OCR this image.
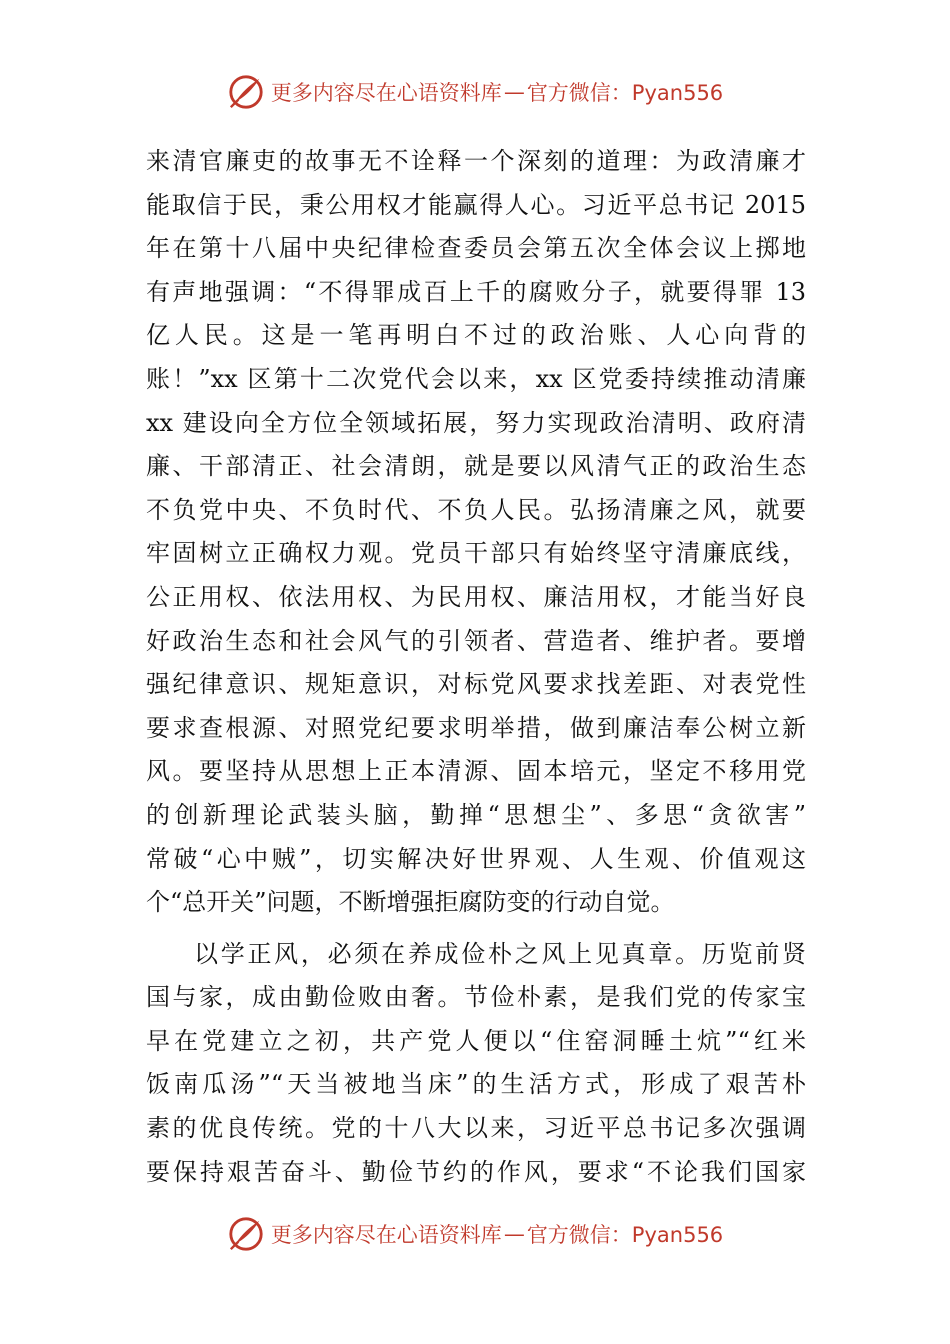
更多内容尽在心语资料库 — 官方微信：Pyan556
来清官廉吏的故事无不诠释一个深刻的道理：为政清廉才
能取信于民，秉公用权才能赢得人心。习近平总书记 2015
年在第十八届中央纪律检查委员会第五次全体会议上掷地
有声地强调：“不得罪成百上千的腐败分子，就要得罪 13
亿人民。这是一笔再明白不过的政治账、人心向背的
账！”xx 区第十二次党代会以来，xx 区党委持续推动清廉
xx 建设向全方位全领域拓展，努力实现政治清明、政府清
廉、干部清正、社会清朗，就是要以风清气正的政治生态
不负党中央、不负时代、不负人民。弘扬清廉之风，就要
牢固树立正确权力观。党员干部只有始终坚守清廉底线，
公正用权、依法用权、为民用权、廉洁用权，才能当好良
好政治生态和社会风气的引领者、营造者、维护者。要增
强纪律意识、规矩意识，对标党风要求找差距、对表党性
要求查根源、对照党纪要求明举措，做到廉洁奉公树立新
风。要坚持从思想上正本清源、固本培元，坚定不移用党
的创新理论武装头脑，勤掸“思想尘”、多思“贪欲害”
常破“心中贼”，切实解决好世界观、人生观、价值观这
个“总开关”问题，不断增强拒腐防变的行动自觉。
以学正风，必须在养成俭朴之风上见真章。历览前贤
国与家，成由勤俭败由奢。节俭朴素，是我们党的传家宝
早在党建立之初，共产党人便以“住窑洞睡土炕”“红米
饭南瓜汤”“天当被地当床”的生活方式，形成了艰苦朴
素的优良传统。党的十八大以来，习近平总书记多次强调
要保持艰苦奋斗、勤俭节约的作风，要求“不论我们国家
更多内容尽在心语资料库 — 官方微信：Pyan556
